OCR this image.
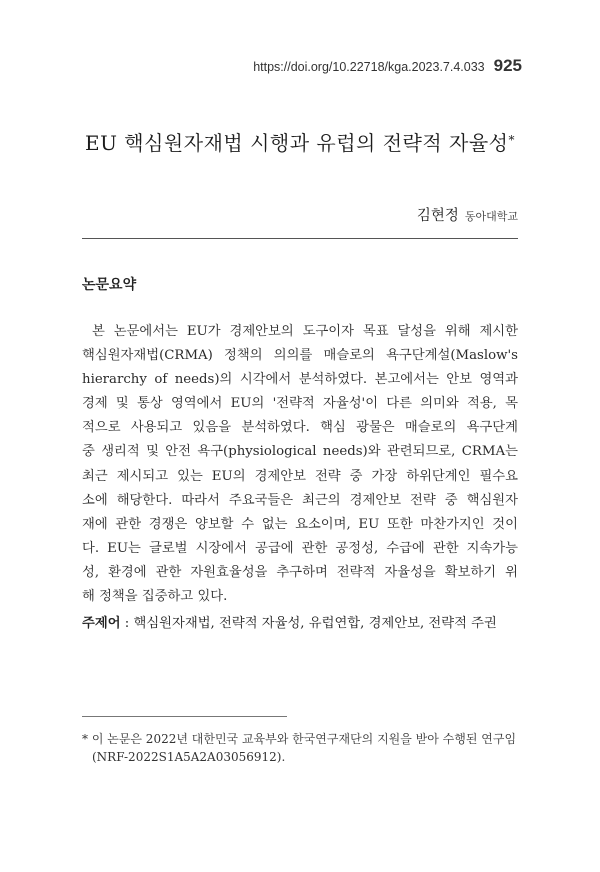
https://doi.org/10.22718/kga.2023.7.4.033 925
EU 핵심원자재법 시행과 유럽의 전략적 자율성*
김현정 동아대학교
논문요약
본 논문에서는 EU가 경제안보의 도구이자 목표 달성을 위해 제시한
핵심원자재법(CRMA) 정책의 의의를 매슬로의 욕구단계설(Maslow's
hierarchy of needs)의 시각에서 분석하였다. 본고에서는 안보 영역과
경제 및 통상 영역에서 EU의 '전략적 자율성'이 다른 의미와 적용, 목
적으로 사용되고 있음을 분석하였다. 핵심 광물은 매슬로의 욕구단계
중 생리적 및 안전 욕구(physiological needs)와 관련되므로, CRMA는
최근 제시되고 있는 EU의 경제안보 전략 중 가장 하위단계인 필수요
소에 해당한다. 따라서 주요국들은 최근의 경제안보 전략 중 핵심원자
재에 관한 경쟁은 양보할 수 없는 요소이며, EU 또한 마찬가지인 것이
다. EU는 글로벌 시장에서 공급에 관한 공정성, 수급에 관한 지속가능
성, 환경에 관한 자원효율성을 추구하며 전략적 자율성을 확보하기 위
해 정책을 집중하고 있다.
주제어 : 핵심원자재법, 전략적 자율성, 유럽연합, 경제안보, 전략적 주권
* 이 논문은 2022년 대한민국 교육부와 한국연구재단의 지원을 받아 수행된 연구임
(NRF-2022S1A5A2A03056912).
